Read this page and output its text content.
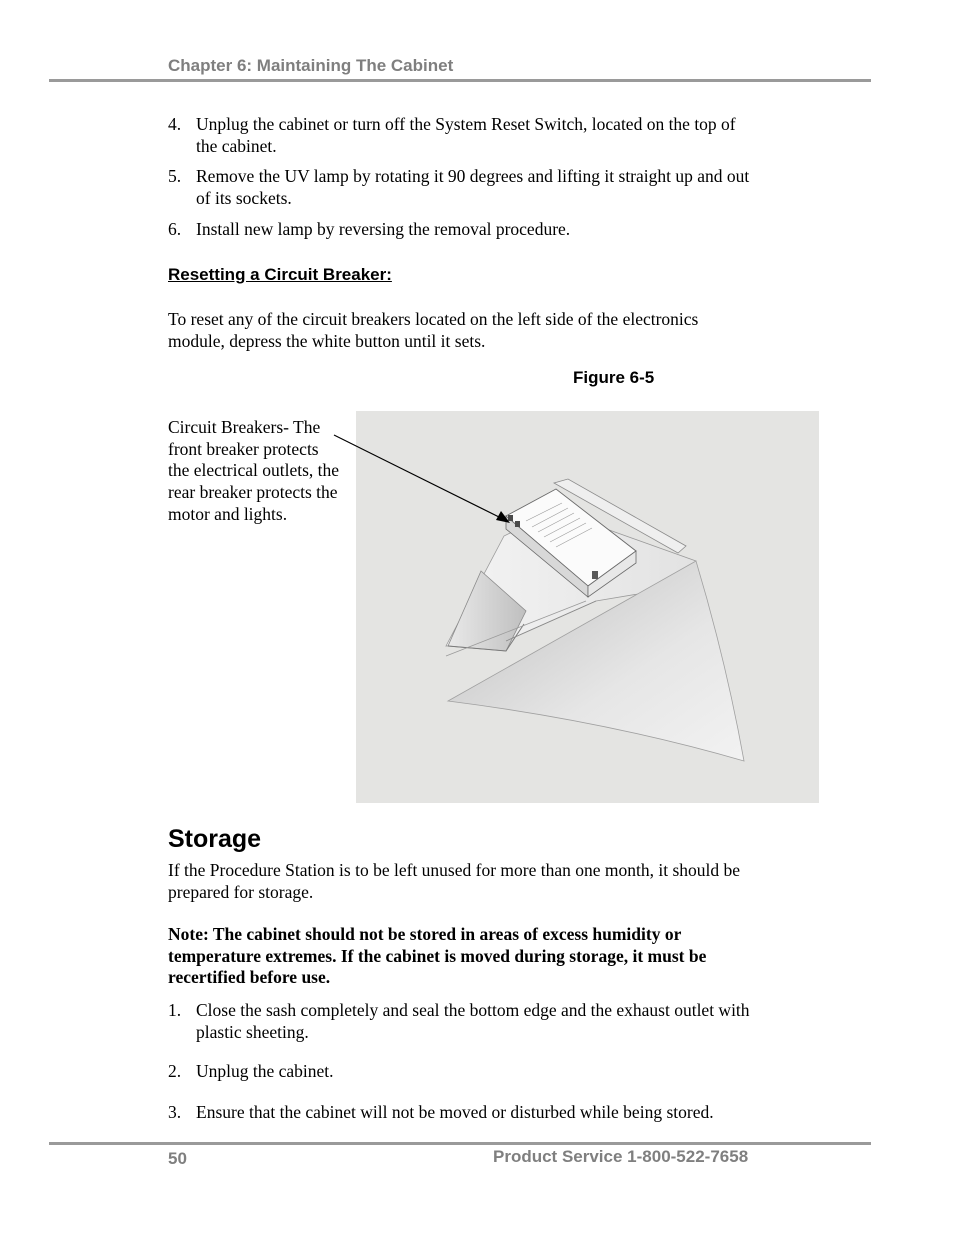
Chapter 6: Maintaining The Cabinet
4. Unplug the cabinet or turn off the System Reset Switch, located on the top of the cabinet.
5. Remove the UV lamp by rotating it 90 degrees and lifting it straight up and out of its sockets.
6. Install new lamp by reversing the removal procedure.
Resetting a Circuit Breaker:
To reset any of the circuit breakers located on the left side of the electronics module, depress the white button until it sets.
Figure 6-5
Circuit Breakers- The front breaker protects the electrical outlets, the rear breaker protects the motor and lights.
Storage
If the Procedure Station is to be left unused for more than one month, it should be prepared for storage.
Note: The cabinet should not be stored in areas of excess humidity or temperature extremes. If the cabinet is moved during storage, it must be recertified before use.
1. Close the sash completely and seal the bottom edge and the exhaust outlet with plastic sheeting.
2. Unplug the cabinet.
3. Ensure that the cabinet will not be moved or disturbed while being stored.
50	Product Service 1-800-522-7658
